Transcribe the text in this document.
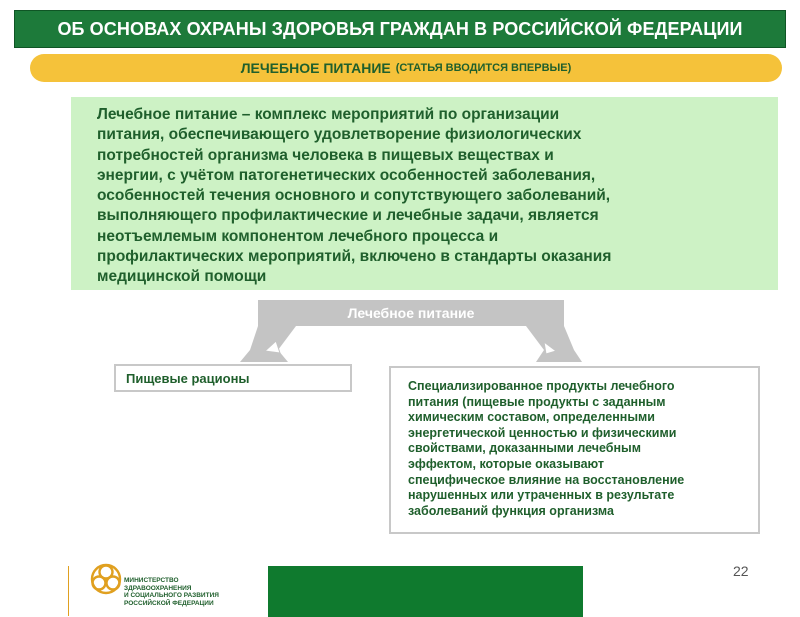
ОБ ОСНОВАХ ОХРАНЫ ЗДОРОВЬЯ ГРАЖДАН В РОССИЙСКОЙ ФЕДЕРАЦИИ
ЛЕЧЕБНОЕ ПИТАНИЕ (СТАТЬЯ ВВОДИТСЯ ВПЕРВЫЕ)
Лечебное питание – комплекс мероприятий по организации
питания, обеспечивающего удовлетворение физиологических
потребностей организма человека в пищевых веществах и
энергии, с учётом патогенетических особенностей заболевания,
особенностей течения основного и сопутствующего заболеваний,
выполняющего профилактические и лечебные задачи, является
неотъемлемым компонентом лечебного процесса и
профилактических мероприятий, включено в стандарты оказания
медицинской помощи
Лечебное питание
Пищевые рационы	Специализированное продукты лечебного
питания (пищевые продукты с заданным
химическим составом, определенными
энергетической ценностью и физическими
свойствами, доказанными лечебным
эффектом, которые оказывают
специфическое влияние на восстановление
нарушенных или утраченных в результате
заболеваний функция организма
22
МИНИСТЕРСТВО
ЗДРАВООХРАНЕНИЯ
И СОЦИАЛЬНОГО РАЗВИТИЯ
РОССИЙСКОЙ ФЕДЕРАЦИИ
